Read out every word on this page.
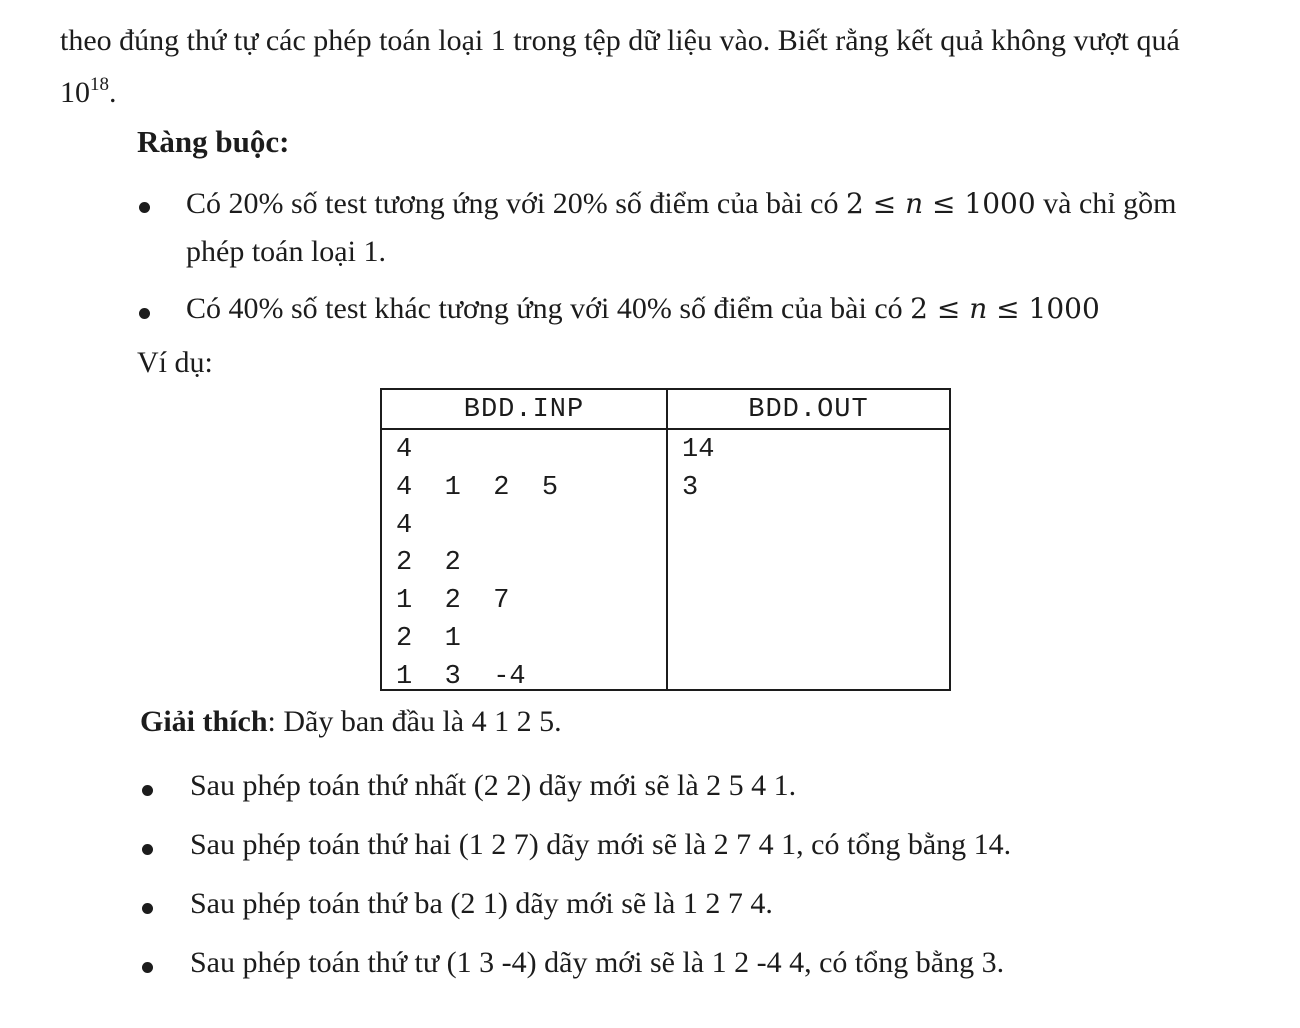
theo đúng thứ tự các phép toán loại 1 trong tệp dữ liệu vào. Biết rằng kết quả không vượt quá
$10^{18}$.
Ràng buộc:
Có 20% số test tương ứng với 20% số điểm của bài có 2 ≤ n ≤ 1000 và chỉ gồm
phép toán loại 1.
Có 40% số test khác tương ứng với 40% số điểm của bài có 2 ≤ n ≤ 1000
Ví dụ:
BDD.INP	BDD.OUT
4
4  1  2  5
4
2  2
1  2  7
2  1
1  3  -4
14
3
Giải thích: Dãy ban đầu là 4 1 2 5.
Sau phép toán thứ nhất (2 2) dãy mới sẽ là 2 5 4 1.
Sau phép toán thứ hai (1 2 7) dãy mới sẽ là 2 7 4 1, có tổng bằng 14.
Sau phép toán thứ ba (2 1) dãy mới sẽ là 1 2 7 4.
Sau phép toán thứ tư (1 3 -4) dãy mới sẽ là 1 2 -4 4, có tổng bằng 3.
